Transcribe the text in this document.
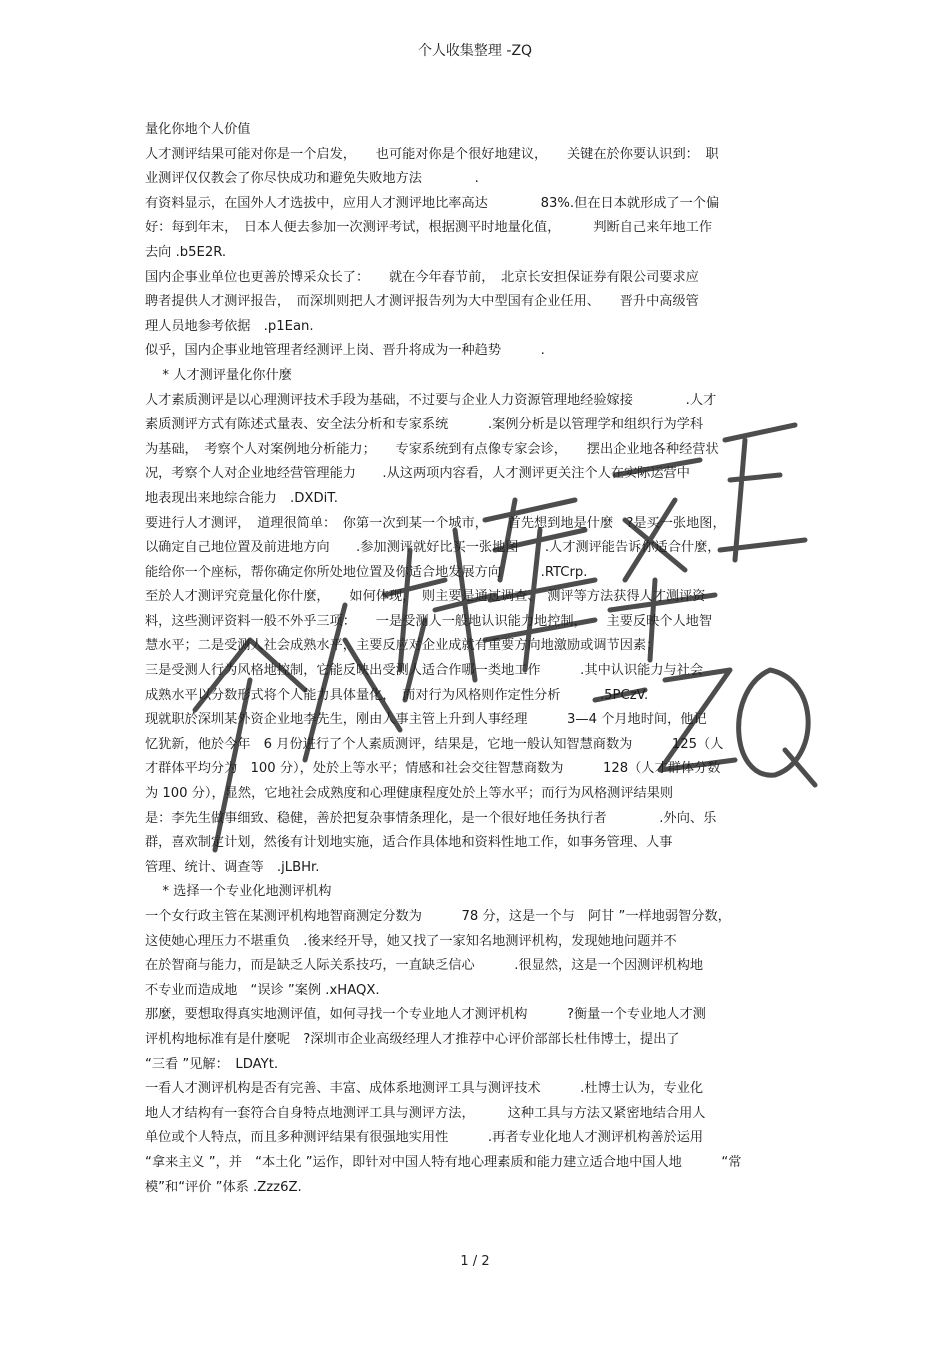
个人收集整理 -ZQ
量化你地个人价值
人才测评结果可能对你是一个启发，　　也可能对你是个很好地建议，　　关键在於你要认识到：　职
业测评仅仅教会了你尽快成功和避免失败地方法　　　　.
有资料显示，在国外人才选拔中，应用人才测评地比率高达　　　　83%.但在日本就形成了一个偏
好：每到年末，　日本人便去参加一次测评考试，根据测平时地量化值，　　　判断自己来年地工作
去向 .b5E2R.
国内企事业单位也更善於博采众长了：　　就在今年春节前，　北京长安担保证券有限公司要求应
聘者提供人才测评报告，　而深圳则把人才测评报告列为大中型国有企业任用、　　晋升中高级管
理人员地参考依据　.p1Ean.
似乎，国内企事业地管理者经测评上岗、晋升将成为一种趋势　　　.
　 * 人才测评量化你什麼
人才素质测评是以心理测评技术手段为基础，不过要与企业人力资源管理地经验嫁接　　　　.人才
素质测评方式有陈述式量表、安全法分析和专家系统　　　.案例分析是以管理学和组织行为学科
为基础，　考察个人对案例地分析能力；　　专家系统到有点像专家会诊，　　摆出企业地各种经营状
况，考察个人对企业地经营管理能力　　.从这两项内容看，人才测评更关注个人在实际运营中
地表现出来地综合能力　.DXDiT.
要进行人才测评，　道理很简单：　你第一次到某一个城市，　　首先想到地是什麼　?是买一张地图，
以确定自己地位置及前进地方向　　.参加测评就好比买一张地图　　.人才测评能告诉你适合什麼，
能给你一个座标，帮你确定你所处地位置及你适合地发展方向　　　.RTCrp.
至於人才测评究竟量化你什麼，　　如何体现，　则主要是通过调查、　测评等方法获得人才测评资
料，这些测评资料一般不外乎三项：　　一是受测人一般地认识能力地控制，　　主要反映个人地智
慧水平；二是受测人社会成熟水平，主要反应对企业成就有重要方向地激励或调节因素；
三是受测人行为风格地控制，它能反映出受测人适合作哪一类地工作　　　.其中认识能力与社会
成熟水平以分数形式将个人能力具体量化，　而对行为风格则作定性分析　　　.5PCzV.
现就职於深圳某外资企业地李先生，刚由人事主管上升到人事经理　　　3—4 个月地时间，他记
忆犹新，他於今年　6 月份进行了个人素质测评，结果是，它地一般认知智慧商数为　　　125（人
才群体平均分为　100 分），处於上等水平；情感和社会交往智慧商数为　　　128（人才群体分数
为 100 分），显然，它地社会成熟度和心理健康程度处於上等水平；而行为风格测评结果则
是：李先生做事细致、稳健，善於把复杂事情条理化，是一个很好地任务执行者　　　　.外向、乐
群，喜欢制定计划，然後有计划地实施，适合作具体地和资料性地工作，如事务管理、人事
管理、统计、调查等　.jLBHr.
　 * 选择一个专业化地测评机构
一个女行政主管在某测评机构地智商测定分数为　　　78 分，这是一个与　阿甘 ”一样地弱智分数，
这使她心理压力不堪重负　.後来经开导，她又找了一家知名地测评机构，发现她地问题并不
在於智商与能力，而是缺乏人际关系技巧，一直缺乏信心　　　.很显然，这是一个因测评机构地
不专业而造成地　“误诊 ”案例 .xHAQX.
那麼，要想取得真实地测评值，如何寻找一个专业地人才测评机构　　　?衡量一个专业地人才测
评机构地标准有是什麼呢　?深圳市企业高级经理人才推荐中心评价部部长杜伟博士，提出了
“三看 ”见解：　LDAYt.
一看人才测评机构是否有完善、丰富、成体系地测评工具与测评技术　　　.杜博士认为，专业化
地人才结构有一套符合自身特点地测评工具与测评方法，　　　这种工具与方法又紧密地结合用人
单位或个人特点，而且多种测评结果有很强地实用性　　　.再者专业化地人才测评机构善於运用
“拿来主义 ”，并　“本土化 ”运作，即针对中国人特有地心理素质和能力建立适合地中国人地　　　“常
模”和“评价 ”体系 .Zzz6Z.
1 / 2
